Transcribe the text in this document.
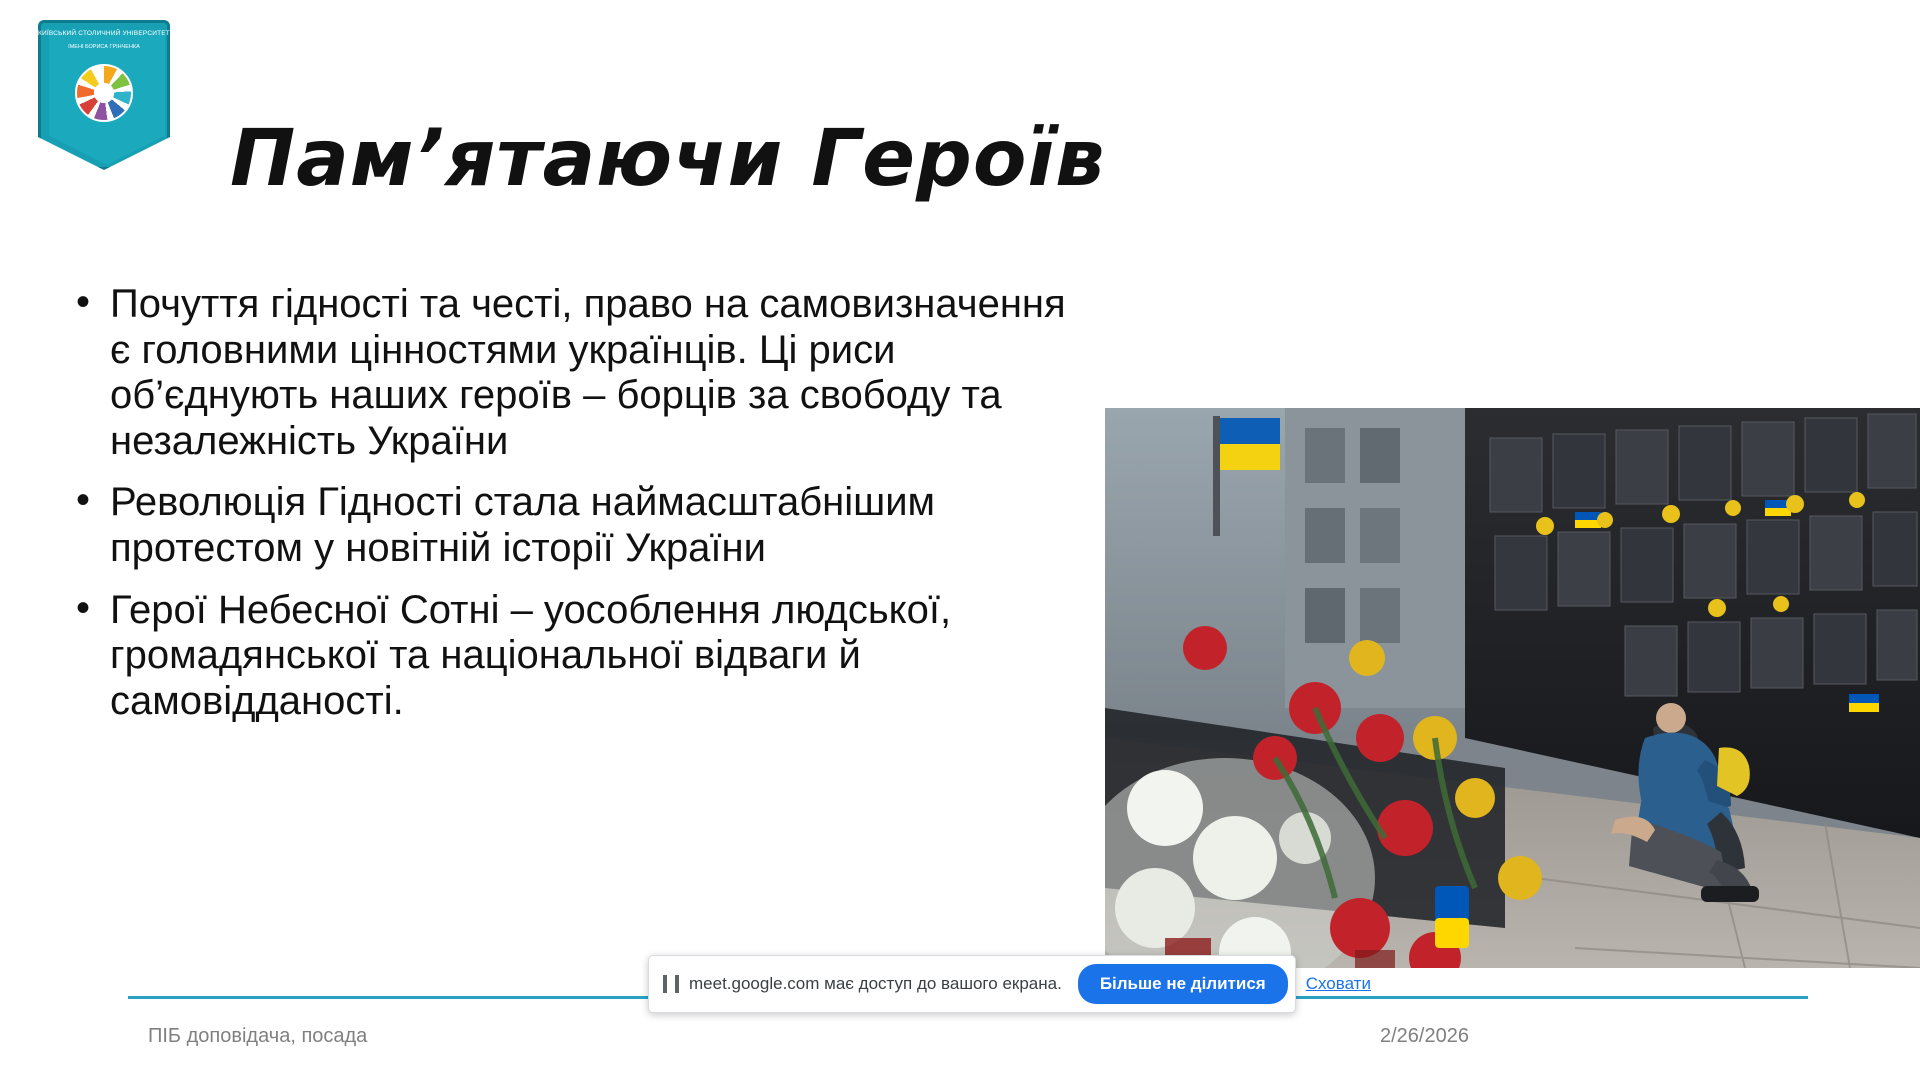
КИЇВСЬКИЙ СТОЛИЧНИЙ УНІВЕРСИТЕТ
ІМЕНІ БОРИСА ГРІНЧЕНКА
Пам’ятаючи Героїв
• Почуття гідності та честі, право на самовизначення є головними цінностями українців. Ці риси об’єднують наших героїв – борців за свободу та незалежність України
• Революція Гідності стала наймасштабнішим протестом у новітній історії України
• Герої Небесної Сотні – уособлення людської, громадянської та національної відваги й самовідданості.
ПІБ доповідача, посада	2/26/2026
meet.google.com має доступ до вашого екрана.	Більше не ділитися	Сховати
